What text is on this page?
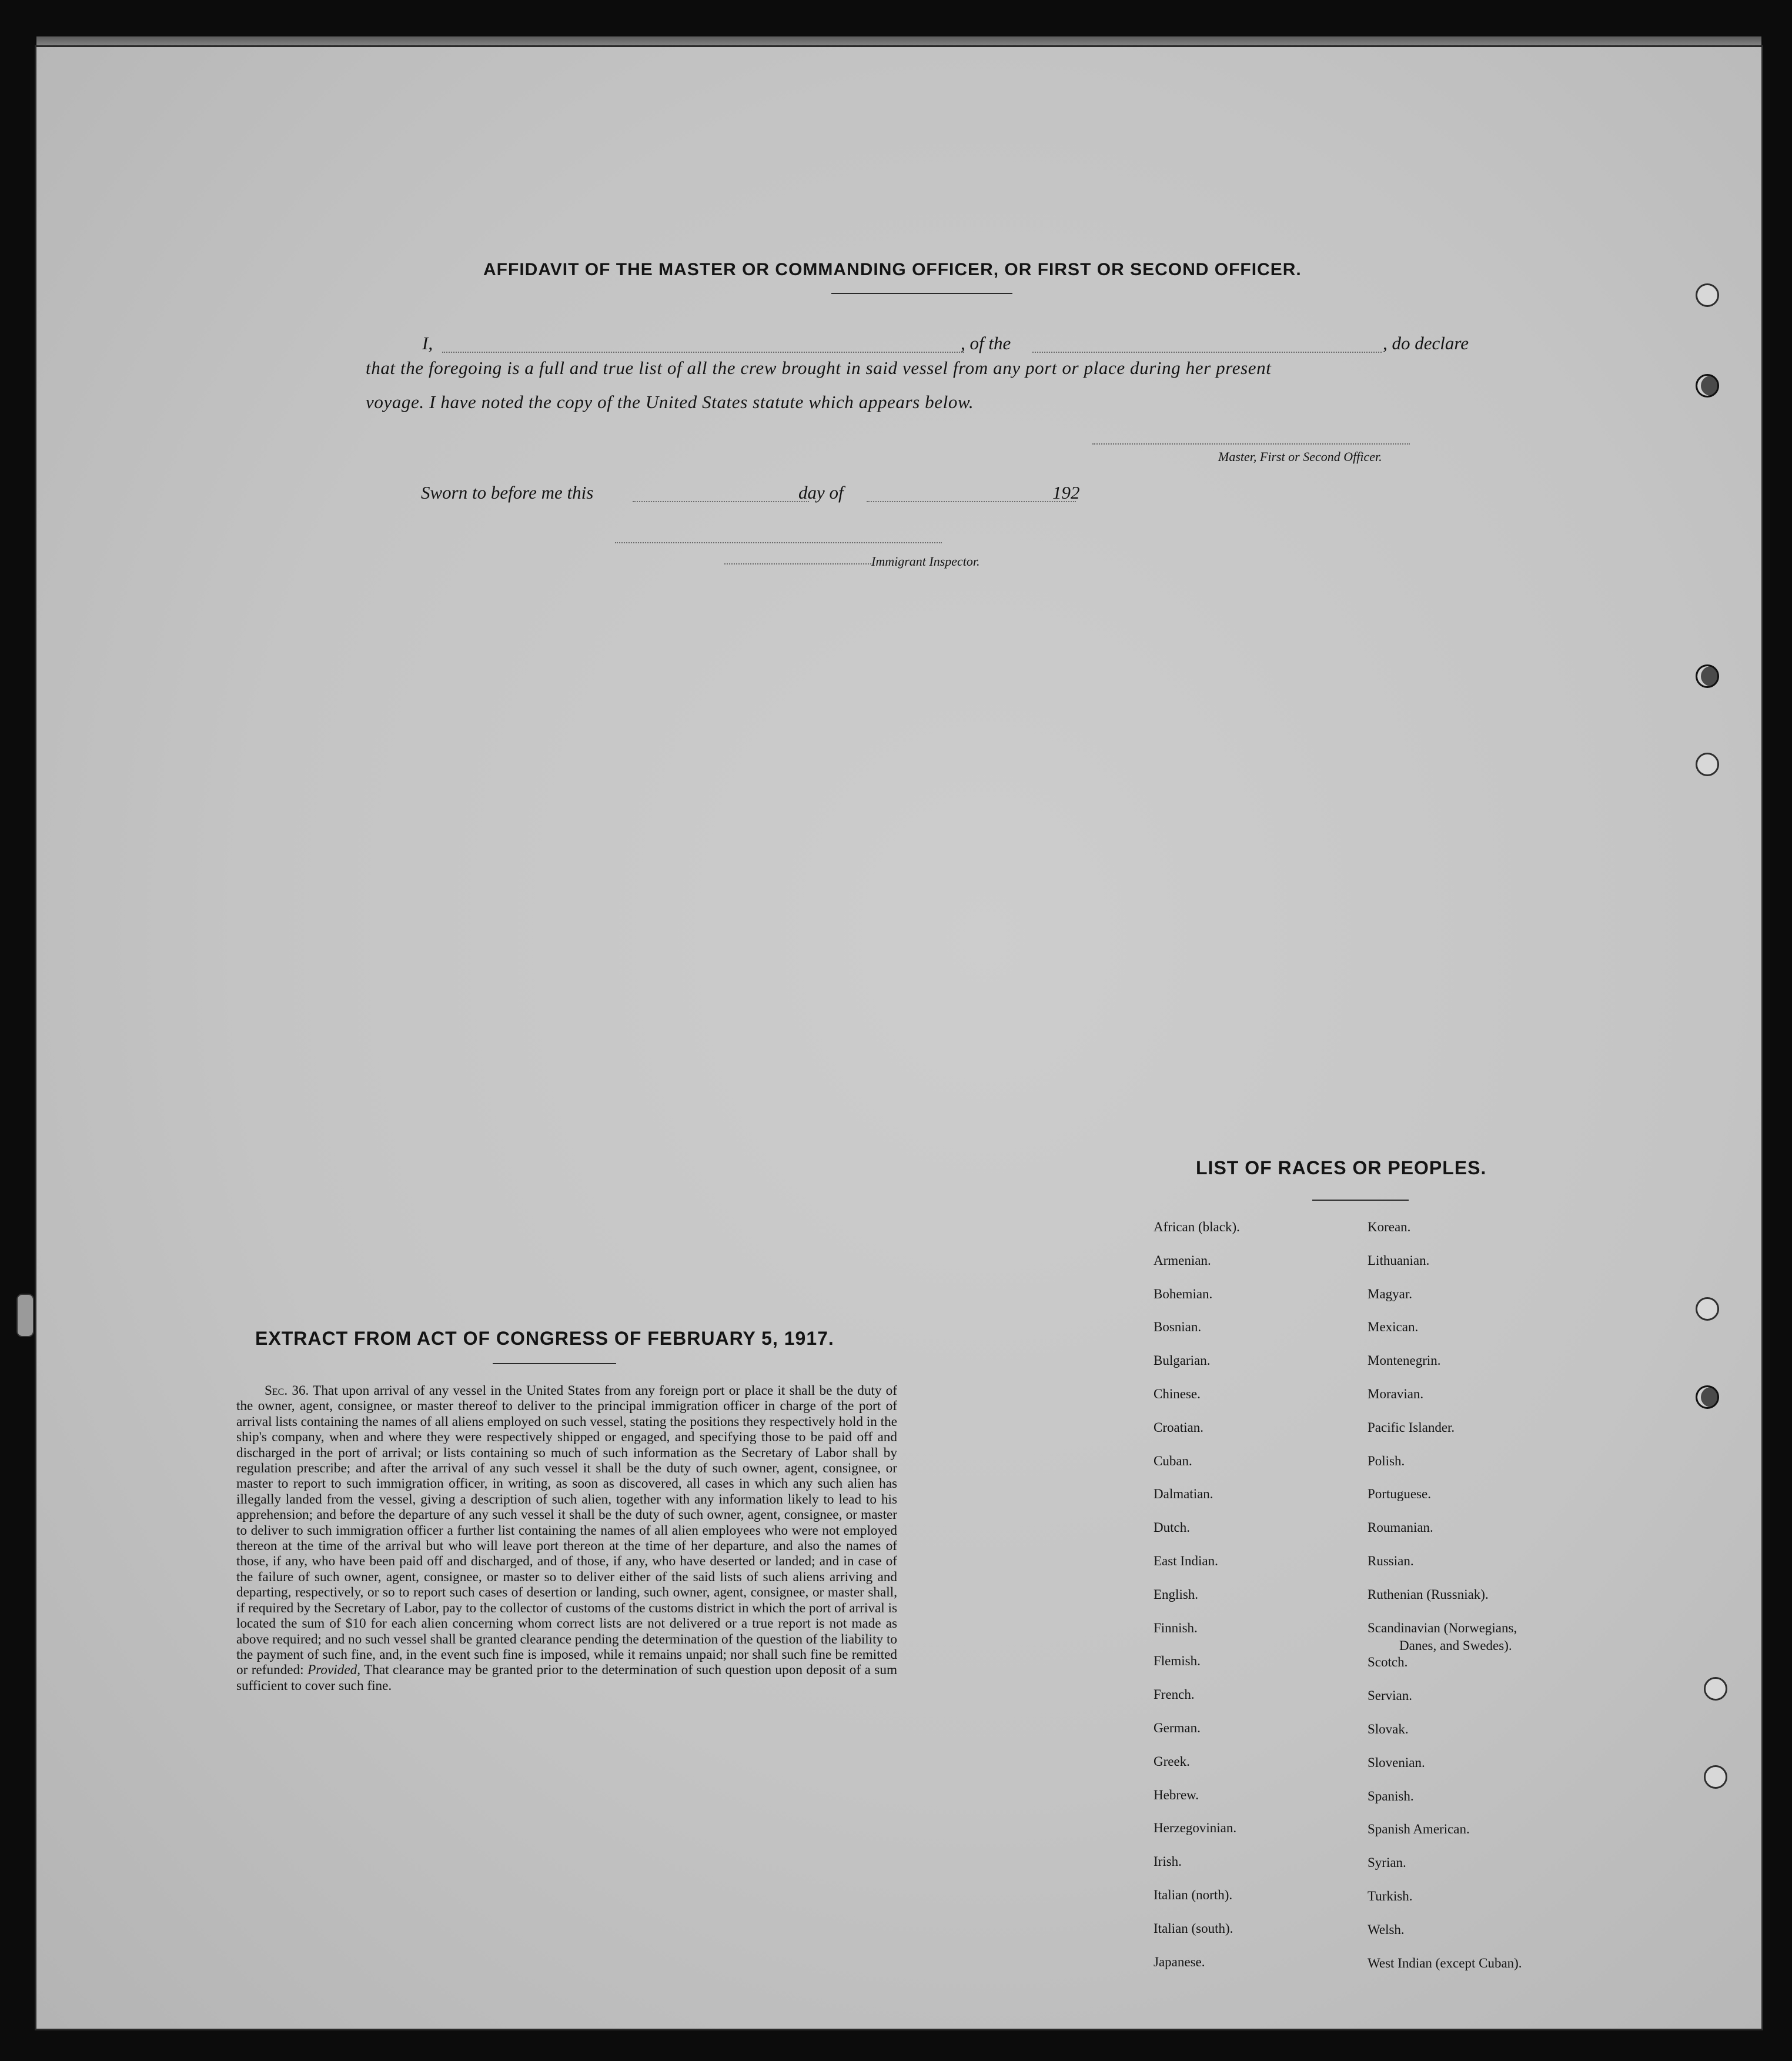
AFFIDAVIT OF THE MASTER OR COMMANDING OFFICER, OR FIRST OR SECOND OFFICER.
I,	, of the	, do declare
that the foregoing is a full and true list of all the crew brought in said vessel from any port or place during her present
voyage. I have noted the copy of the United States statute which appears below.
Master, First or Second Officer.
Sworn to before me this	day of	192
Immigrant Inspector.
LIST OF RACES OR PEOPLES.
African (black).
Armenian.
Bohemian.
Bosnian.
Bulgarian.
Chinese.
Croatian.
Cuban.
Dalmatian.
Dutch.
East Indian.
English.
Finnish.
Flemish.
French.
German.
Greek.
Hebrew.
Herzegovinian.
Irish.
Italian (north).
Italian (south).
Japanese.
Korean.
Lithuanian.
Magyar.
Mexican.
Montenegrin.
Moravian.
Pacific Islander.
Polish.
Portuguese.
Roumanian.
Russian.
Ruthenian (Russniak).
Scandinavian (Norwegians,
Danes, and Swedes).
Scotch.
Servian.
Slovak.
Slovenian.
Spanish.
Spanish American.
Syrian.
Turkish.
Welsh.
West Indian (except Cuban).
EXTRACT FROM ACT OF CONGRESS OF FEBRUARY 5, 1917.
Sec. 36. That upon arrival of any vessel in the United States from any foreign port or place it shall be the duty of the owner, agent, consignee, or master thereof to deliver to the principal immigration officer in charge of the port of arrival lists containing the names of all aliens employed on such vessel, stating the positions they respectively hold in the ship's company, when and where they were respectively shipped or engaged, and specifying those to be paid off and discharged in the port of arrival; or lists containing so much of such information as the Secretary of Labor shall by regulation prescribe; and after the arrival of any such vessel it shall be the duty of such owner, agent, consignee, or master to report to such immigration officer, in writing, as soon as discovered, all cases in which any such alien has illegally landed from the vessel, giving a description of such alien, together with any information likely to lead to his apprehension; and before the departure of any such vessel it shall be the duty of such owner, agent, consignee, or master to deliver to such immigration officer a further list containing the names of all alien employees who were not employed thereon at the time of the arrival but who will leave port thereon at the time of her departure, and also the names of those, if any, who have been paid off and discharged, and of those, if any, who have deserted or landed; and in case of the failure of such owner, agent, consignee, or master so to deliver either of the said lists of such aliens arriving and departing, respectively, or so to report such cases of desertion or landing, such owner, agent, consignee, or master shall, if required by the Secretary of Labor, pay to the collector of customs of the customs district in which the port of arrival is located the sum of $10 for each alien concerning whom correct lists are not delivered or a true report is not made as above required; and no such vessel shall be granted clearance pending the determination of the question of the liability to the payment of such fine, and, in the event such fine is imposed, while it remains unpaid; nor shall such fine be remitted or refunded: Provided, That clearance may be granted prior to the determination of such question upon deposit of a sum sufficient to cover such fine.
